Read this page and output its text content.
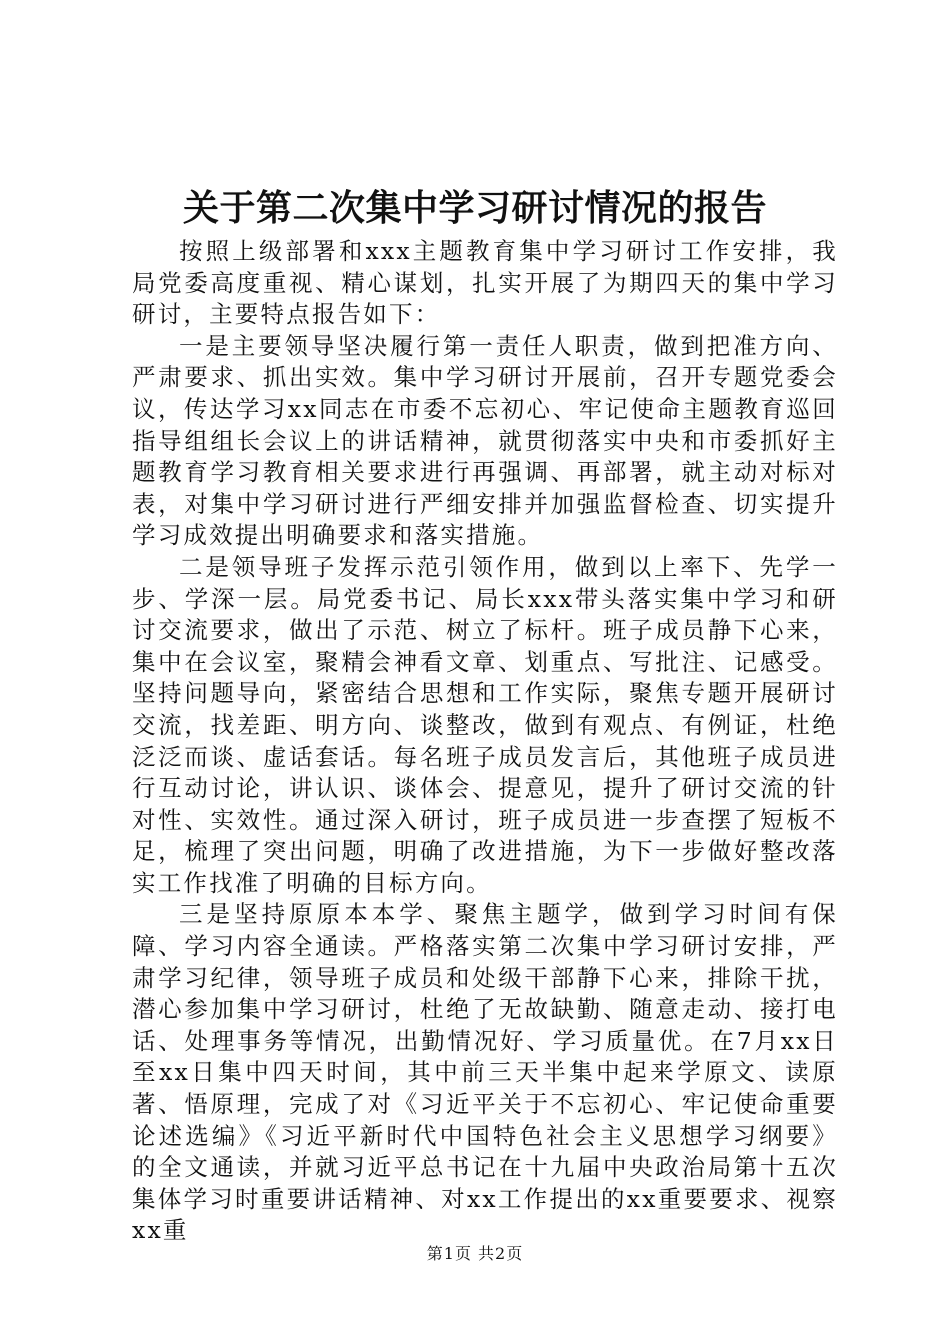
关于第二次集中学习研讨情况的报告

按照上级部署和xxx主题教育集中学习研讨工作安排，我局党委高度重视、精心谋划，扎实开展了为期四天的集中学习研讨，主要特点报告如下：

一是主要领导坚决履行第一责任人职责，做到把准方向、严肃要求、抓出实效。集中学习研讨开展前，召开专题党委会议，传达学习xx同志在市委不忘初心、牢记使命主题教育巡回指导组组长会议上的讲话精神，就贯彻落实中央和市委抓好主题教育学习教育相关要求进行再强调、再部署，就主动对标对表，对集中学习研讨进行严细安排并加强监督检查、切实提升学习成效提出明确要求和落实措施。

二是领导班子发挥示范引领作用，做到以上率下、先学一步、学深一层。局党委书记、局长xxx带头落实集中学习和研讨交流要求，做出了示范、树立了标杆。班子成员静下心来，集中在会议室，聚精会神看文章、划重点、写批注、记感受。坚持问题导向，紧密结合思想和工作实际，聚焦专题开展研讨交流，找差距、明方向、谈整改，做到有观点、有例证，杜绝泛泛而谈、虚话套话。每名班子成员发言后，其他班子成员进行互动讨论，讲认识、谈体会、提意见，提升了研讨交流的针对性、实效性。通过深入研讨，班子成员进一步查摆了短板不足，梳理了突出问题，明确了改进措施，为下一步做好整改落实工作找准了明确的目标方向。

三是坚持原原本本学、聚焦主题学，做到学习时间有保障、学习内容全通读。严格落实第二次集中学习研讨安排，严肃学习纪律，领导班子成员和处级干部静下心来，排除干扰，潜心参加集中学习研讨，杜绝了无故缺勤、随意走动、接打电话、处理事务等情况，出勤情况好、学习质量优。在7月xx日至xx日集中四天时间，其中前三天半集中起来学原文、读原著、悟原理，完成了对《习近平关于不忘初心、牢记使命重要论述选编》《习近平新时代中国特色社会主义思想学习纲要》的全文通读，并就习近平总书记在十九届中央政治局第十五次集体学习时重要讲话精神、对xx工作提出的xx重要要求、视察xx重

第1页 共2页
